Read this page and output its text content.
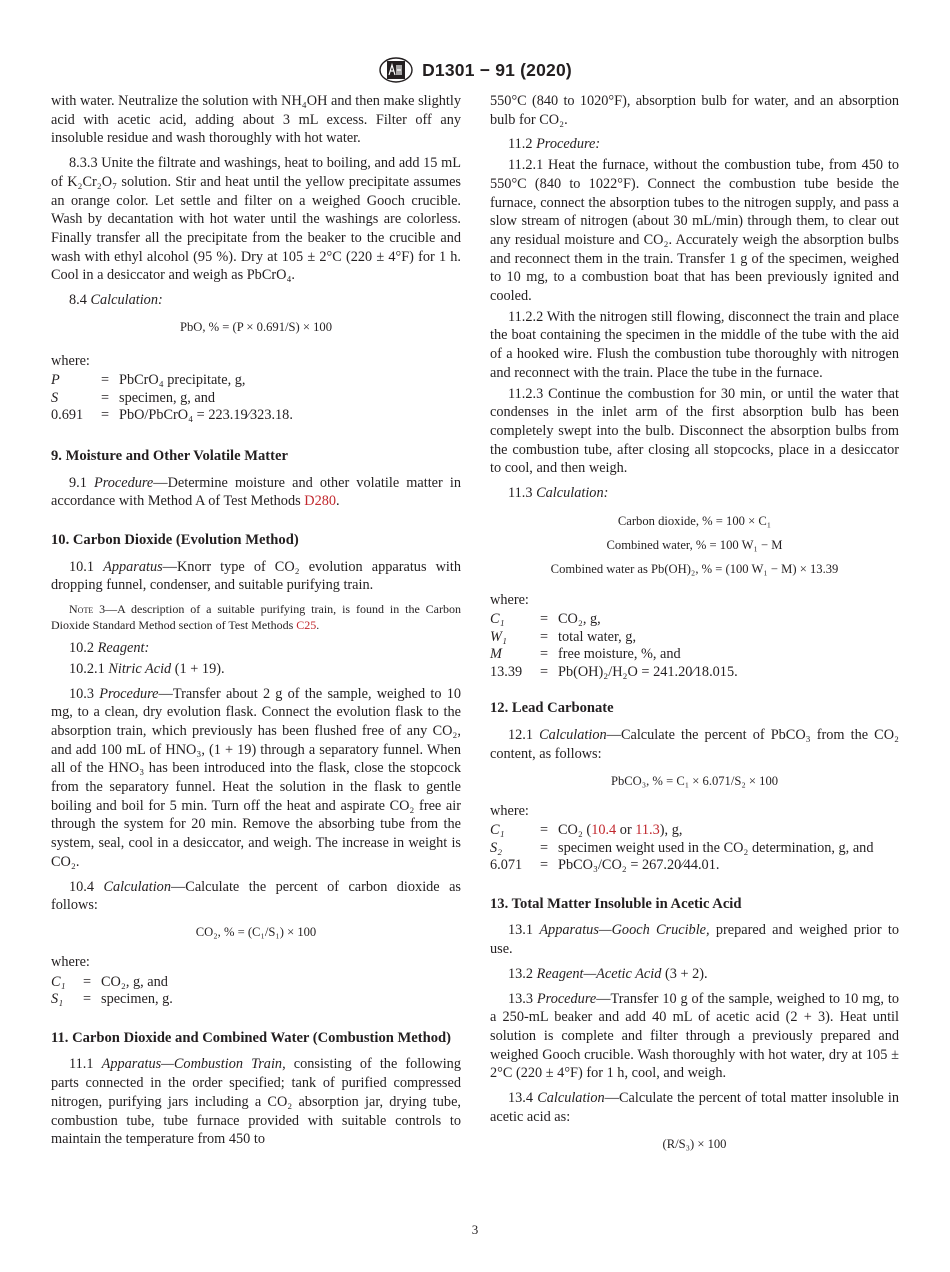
D1301 − 91 (2020)

with water. Neutralize the solution with NH₄OH and then make slightly acid with acetic acid, adding about 3 mL excess. Filter off any insoluble residue and wash thoroughly with hot water.

8.3.3 Unite the filtrate and washings, heat to boiling, and add 15 mL of K₂Cr₂O₇ solution. Stir and heat until the yellow precipitate assumes an orange color. Let settle and filter on a weighed Gooch crucible. Wash by decantation with hot water until the washings are colorless. Finally transfer all the precipitate from the beaker to the crucible and wash with ethyl alcohol (95 %). Dry at 105 ± 2°C (220 ± 4°F) for 1 h. Cool in a desiccator and weigh as PbCrO₄.

8.4 Calculation:

PbO, % = (P × 0.691/S) × 100
where:
P	= PbCrO₄ precipitate, g,
S	= specimen, g, and
0.691	= PbO/PbCrO₄ = 223.19⁄323.18.
9. Moisture and Other Volatile Matter

9.1 Procedure—Determine moisture and other volatile matter in accordance with Method A of Test Methods D280.

10. Carbon Dioxide (Evolution Method)

10.1 Apparatus—Knorr type of CO₂ evolution apparatus with dropping funnel, condenser, and suitable purifying train.

Note 3—A description of a suitable purifying train, is found in the Carbon Dioxide Standard Method section of Test Methods C25.

10.2 Reagent:

10.2.1 Nitric Acid (1 + 19).

10.3 Procedure—Transfer about 2 g of the sample, weighed to 10 mg, to a clean, dry evolution flask. Connect the evolution flask to the absorption train, which previously has been flushed free of any CO₂, and add 100 mL of HNO₃, (1 + 19) through a separatory funnel. When all of the HNO₃ has been introduced into the flask, close the stopcock from the separatory funnel. Heat the solution in the flask to gentle boiling and boil for 5 min. Turn off the heat and aspirate CO₂ free air through the system for 20 min. Remove the absorbing tube from the system, seal, cool in a desiccator, and weigh. The increase in weight is CO₂.

10.4 Calculation—Calculate the percent of carbon dioxide as follows:

CO₂, % = (C₁/S₁) × 100
where:
C₁	= CO₂, g, and
S₁	= specimen, g.
11. Carbon Dioxide and Combined Water (Combustion Method)

11.1 Apparatus—Combustion Train, consisting of the following parts connected in the order specified; tank of purified compressed nitrogen, purifying jars including a CO₂ absorption jar, drying tube, combustion tube, tube furnace provided with suitable controls to maintain the temperature from 450 to

550°C (840 to 1020°F), absorption bulb for water, and an absorption bulb for CO₂.

11.2 Procedure:

11.2.1 Heat the furnace, without the combustion tube, from 450 to 550°C (840 to 1022°F). Connect the combustion tube beside the furnace, connect the absorption tubes to the nitrogen supply, and pass a slow stream of nitrogen (about 30 mL/min) through them, to clear out any residual moisture and CO₂. Accurately weigh the absorption bulbs and reconnect them in the train. Transfer 1 g of the specimen, weighed to 10 mg, to a combustion boat that has been previously ignited and cooled.

11.2.2 With the nitrogen still flowing, disconnect the train and place the boat containing the specimen in the middle of the tube with the aid of a hooked wire. Flush the combustion tube thoroughly with nitrogen and reconnect with the train. Place the tube in the furnace.

11.2.3 Continue the combustion for 30 min, or until the water that condenses in the inlet arm of the first absorption bulb has been completely swept into the bulb. Disconnect the absorption bulbs from the combustion tube, after closing all stopcocks, place in a desiccator to cool, and then weigh.

11.3 Calculation:

Carbon dioxide, % = 100 × C₁
Combined water, % = 100 W₁ − M
Combined water as Pb(OH)₂, % = (100 W₁ − M) × 13.39
where:
C₁	= CO₂, g,
W₁	= total water, g,
M	= free moisture, %, and
13.39	= Pb(OH)₂/H₂O = 241.20⁄18.015.
12. Lead Carbonate

12.1 Calculation—Calculate the percent of PbCO₃ from the CO₂ content, as follows:

PbCO₃, % = C₁ × 6.071/S₂ × 100
where:
C₁	= CO₂ (10.4 or 11.3), g,
S₂	= specimen weight used in the CO₂ determination, g, and
6.071	= PbCO₃/CO₂ = 267.20⁄44.01.
13. Total Matter Insoluble in Acetic Acid

13.1 Apparatus—Gooch Crucible, prepared and weighed prior to use.

13.2 Reagent—Acetic Acid (3 + 2).

13.3 Procedure—Transfer 10 g of the sample, weighed to 10 mg, to a 250-mL beaker and add 40 mL of acetic acid (2 + 3). Heat until solution is complete and filter through a previously prepared and weighed Gooch crucible. Wash thoroughly with hot water, dry at 105 ± 2°C (220 ± 4°F) for 1 h, cool, and weigh.

13.4 Calculation—Calculate the percent of total matter insoluble in acetic acid as:

(R/S₃) × 100
3
